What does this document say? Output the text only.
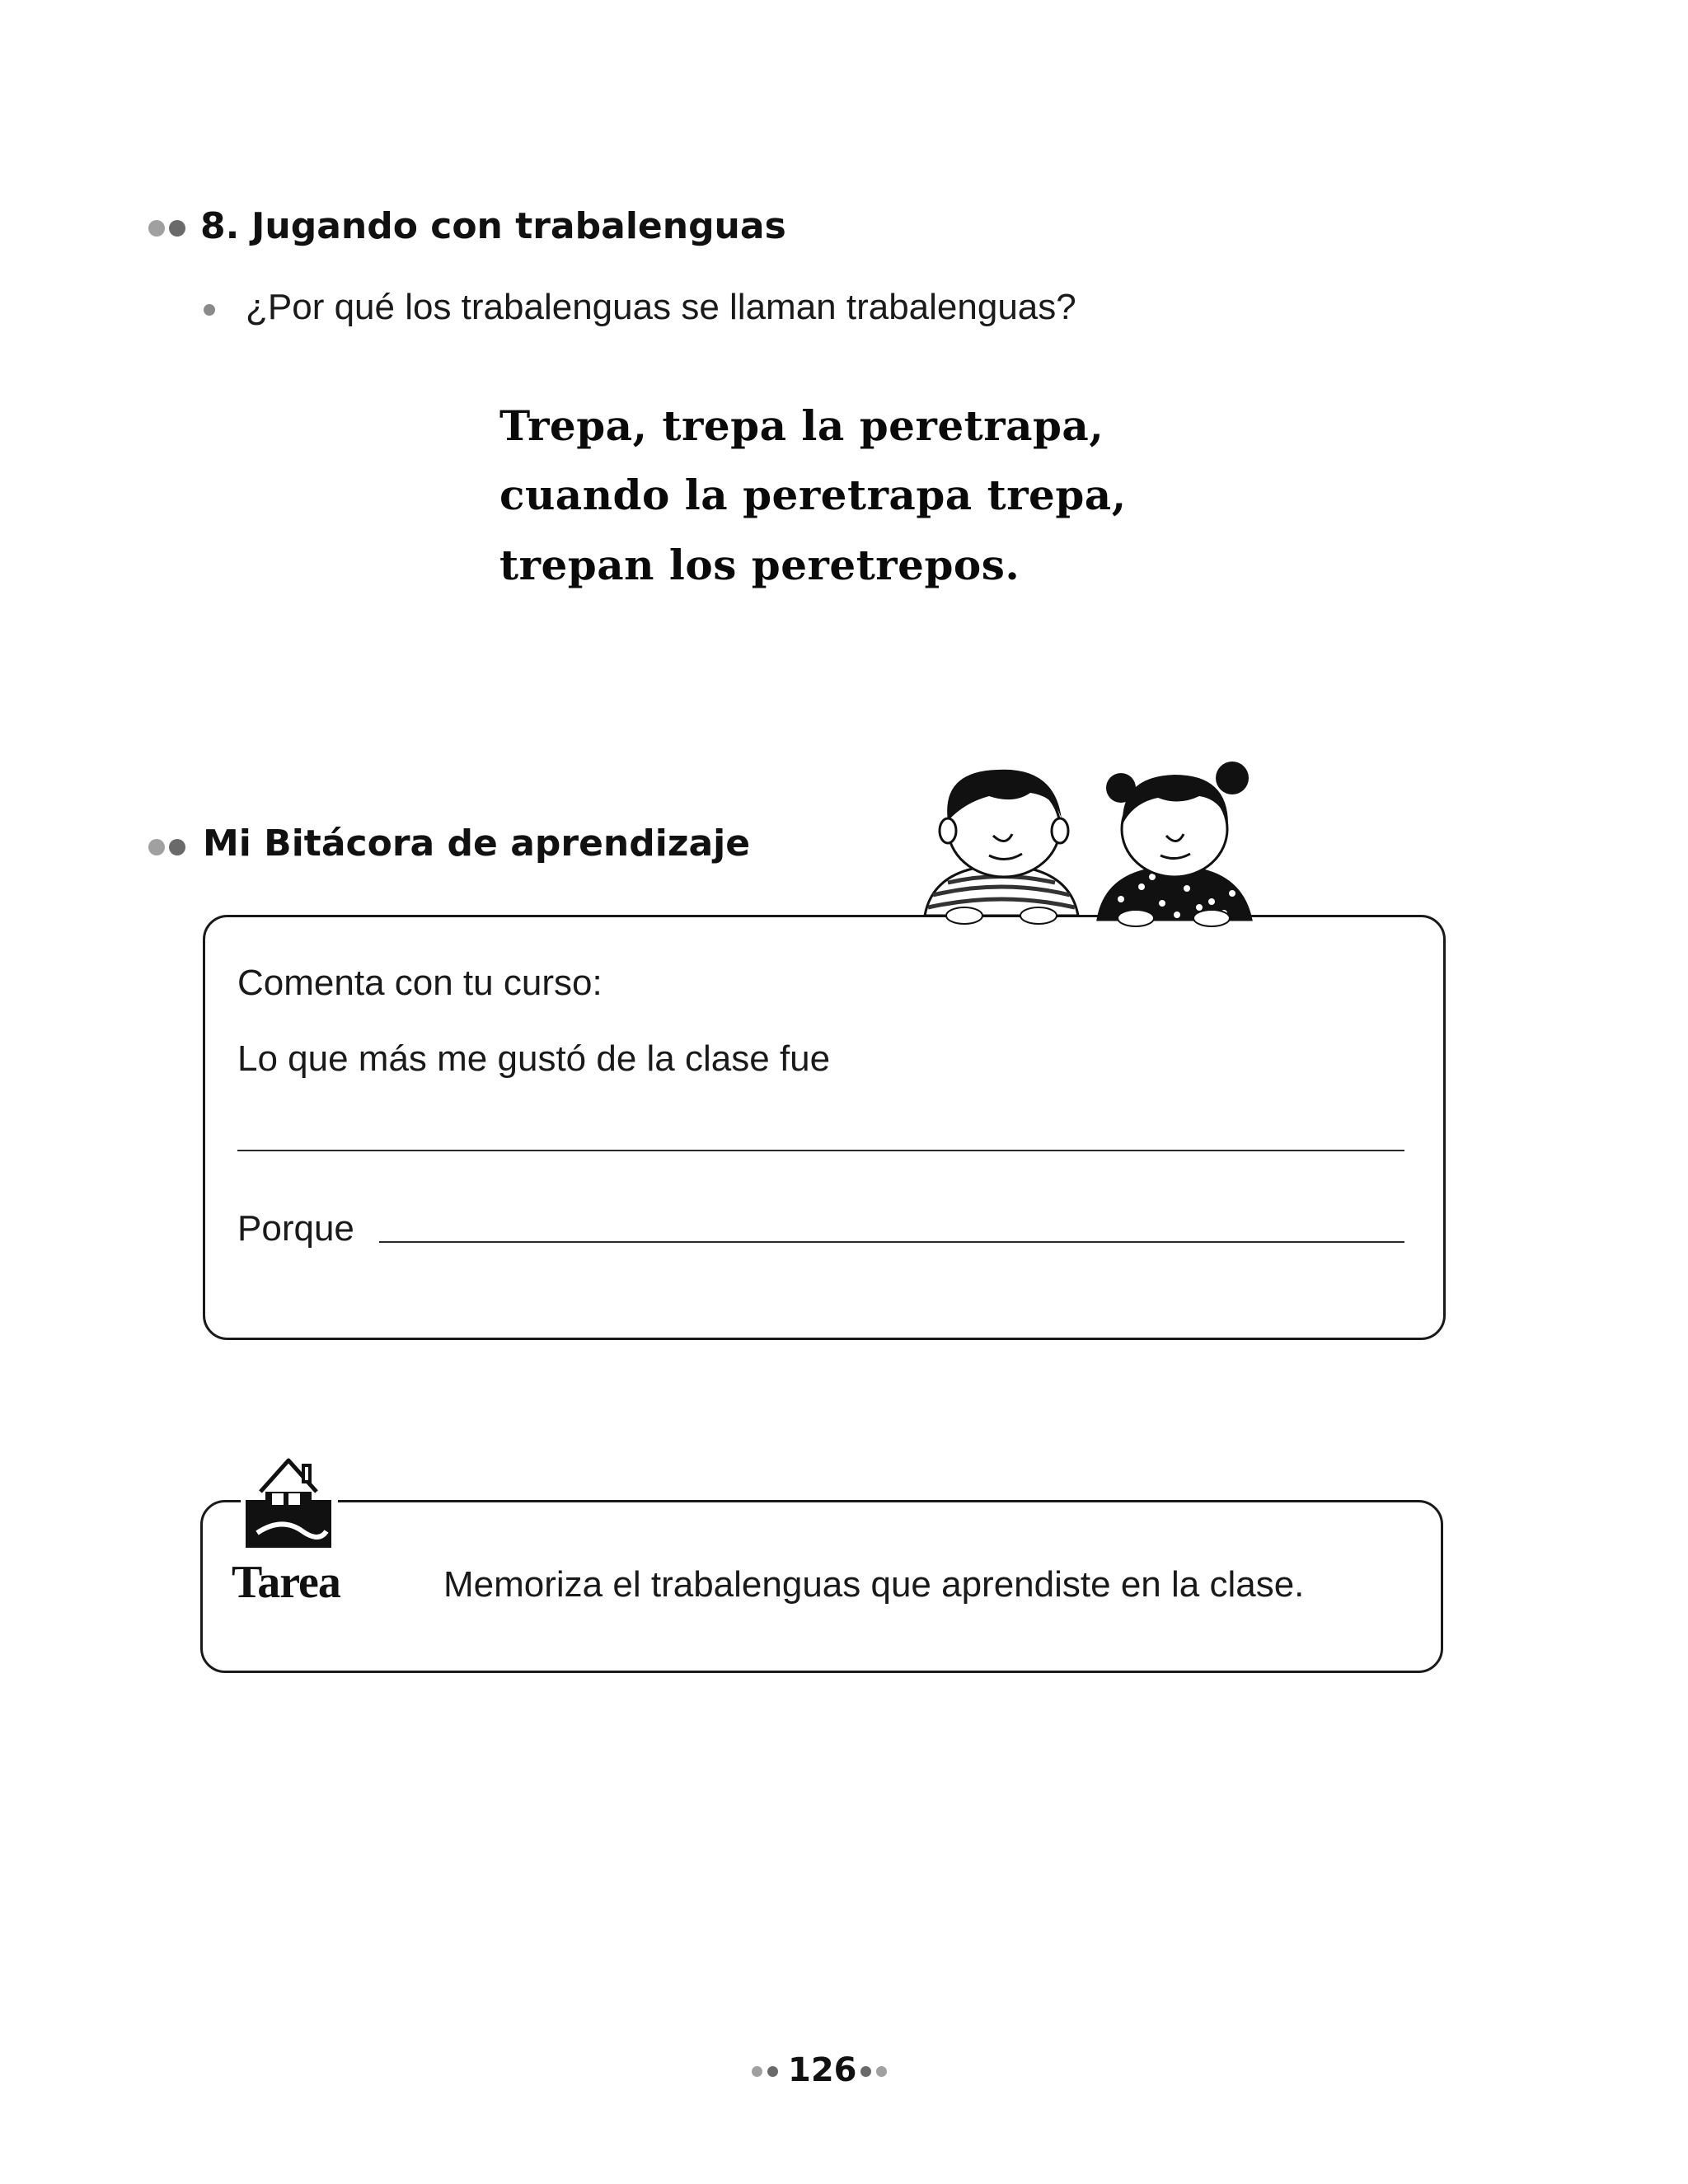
8. Jugando con trabalenguas
¿Por qué los trabalenguas se llaman trabalenguas?
Trepa, trepa la peretrapa,
cuando la peretrapa trepa,
trepan los peretrepos.
Mi Bitácora de aprendizaje
Comenta con tu curso:
Lo que más me gustó de la clase fue
Porque
Tarea	Memoriza el trabalenguas que aprendiste en la clase.
126
